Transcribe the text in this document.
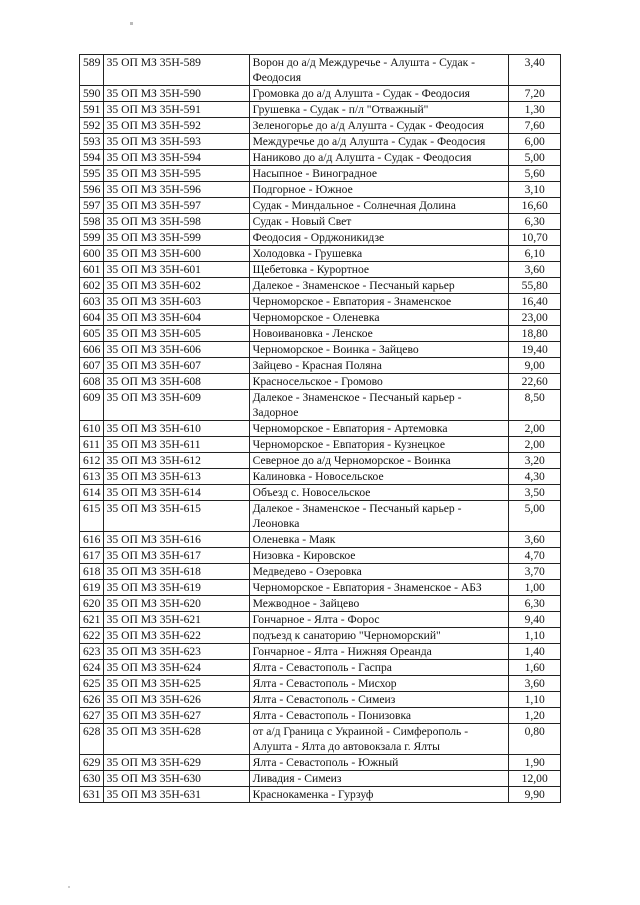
589	35 ОП МЗ 35Н-589	Ворон до а/д Междуречье - Алушта - Судак - Феодосия	3,40
590	35 ОП МЗ 35Н-590	Громовка до а/д Алушта - Судак - Феодосия	7,20
591	35 ОП МЗ 35Н-591	Грушевка - Судак - п/л "Отважный"	1,30
592	35 ОП МЗ 35Н-592	Зеленогорье до а/д Алушта - Судак - Феодосия	7,60
593	35 ОП МЗ 35Н-593	Междуречье до а/д Алушта - Судак - Феодосия	6,00
594	35 ОП МЗ 35Н-594	Наниково до а/д Алушта - Судак - Феодосия	5,00
595	35 ОП МЗ 35Н-595	Насыпное - Виноградное	5,60
596	35 ОП МЗ 35Н-596	Подгорное - Южное	3,10
597	35 ОП МЗ 35Н-597	Судак - Миндальное - Солнечная Долина	16,60
598	35 ОП МЗ 35Н-598	Судак - Новый Свет	6,30
599	35 ОП МЗ 35Н-599	Феодосия - Орджоникидзе	10,70
600	35 ОП МЗ 35Н-600	Холодовка - Грушевка	6,10
601	35 ОП МЗ 35Н-601	Щебетовка - Курортное	3,60
602	35 ОП МЗ 35Н-602	Далекое - Знаменское - Песчаный карьер	55,80
603	35 ОП МЗ 35Н-603	Черноморское - Евпатория - Знаменское	16,40
604	35 ОП МЗ 35Н-604	Черноморское - Оленевка	23,00
605	35 ОП МЗ 35Н-605	Новоивановка - Ленское	18,80
606	35 ОП МЗ 35Н-606	Черноморское - Воинка - Зайцево	19,40
607	35 ОП МЗ 35Н-607	Зайцево - Красная Поляна	9,00
608	35 ОП МЗ 35Н-608	Красносельское - Громово	22,60
609	35 ОП МЗ 35Н-609	Далекое - Знаменское - Песчаный карьер - Задорное	8,50
610	35 ОП МЗ 35Н-610	Черноморское - Евпатория - Артемовка	2,00
611	35 ОП МЗ 35Н-611	Черноморское - Евпатория - Кузнецкое	2,00
612	35 ОП МЗ 35Н-612	Северное до а/д Черноморское - Воинка	3,20
613	35 ОП МЗ 35Н-613	Калиновка - Новосельское	4,30
614	35 ОП МЗ 35Н-614	Объезд с. Новосельское	3,50
615	35 ОП МЗ 35Н-615	Далекое - Знаменское - Песчаный карьер - Леоновка	5,00
616	35 ОП МЗ 35Н-616	Оленевка - Маяк	3,60
617	35 ОП МЗ 35Н-617	Низовка - Кировское	4,70
618	35 ОП МЗ 35Н-618	Медведево - Озеровка	3,70
619	35 ОП МЗ 35Н-619	Черноморское - Евпатория - Знаменское - АБЗ	1,00
620	35 ОП МЗ 35Н-620	Межводное - Зайцево	6,30
621	35 ОП МЗ 35Н-621	Гончарное - Ялта - Форос	9,40
622	35 ОП МЗ 35Н-622	подъезд к санаторию "Черноморский"	1,10
623	35 ОП МЗ 35Н-623	Гончарное - Ялта - Нижняя Ореанда	1,40
624	35 ОП МЗ 35Н-624	Ялта - Севастополь - Гаспра	1,60
625	35 ОП МЗ 35Н-625	Ялта - Севастополь - Мисхор	3,60
626	35 ОП МЗ 35Н-626	Ялта - Севастополь - Симеиз	1,10
627	35 ОП МЗ 35Н-627	Ялта - Севастополь - Понизовка	1,20
628	35 ОП МЗ 35Н-628	от а/д Граница с Украиной - Симферополь - Алушта - Ялта до автовокзала г. Ялты	0,80
629	35 ОП МЗ 35Н-629	Ялта - Севастополь - Южный	1,90
630	35 ОП МЗ 35Н-630	Ливадия - Симеиз	12,00
631	35 ОП МЗ 35Н-631	Краснокаменка - Гурзуф	9,90
